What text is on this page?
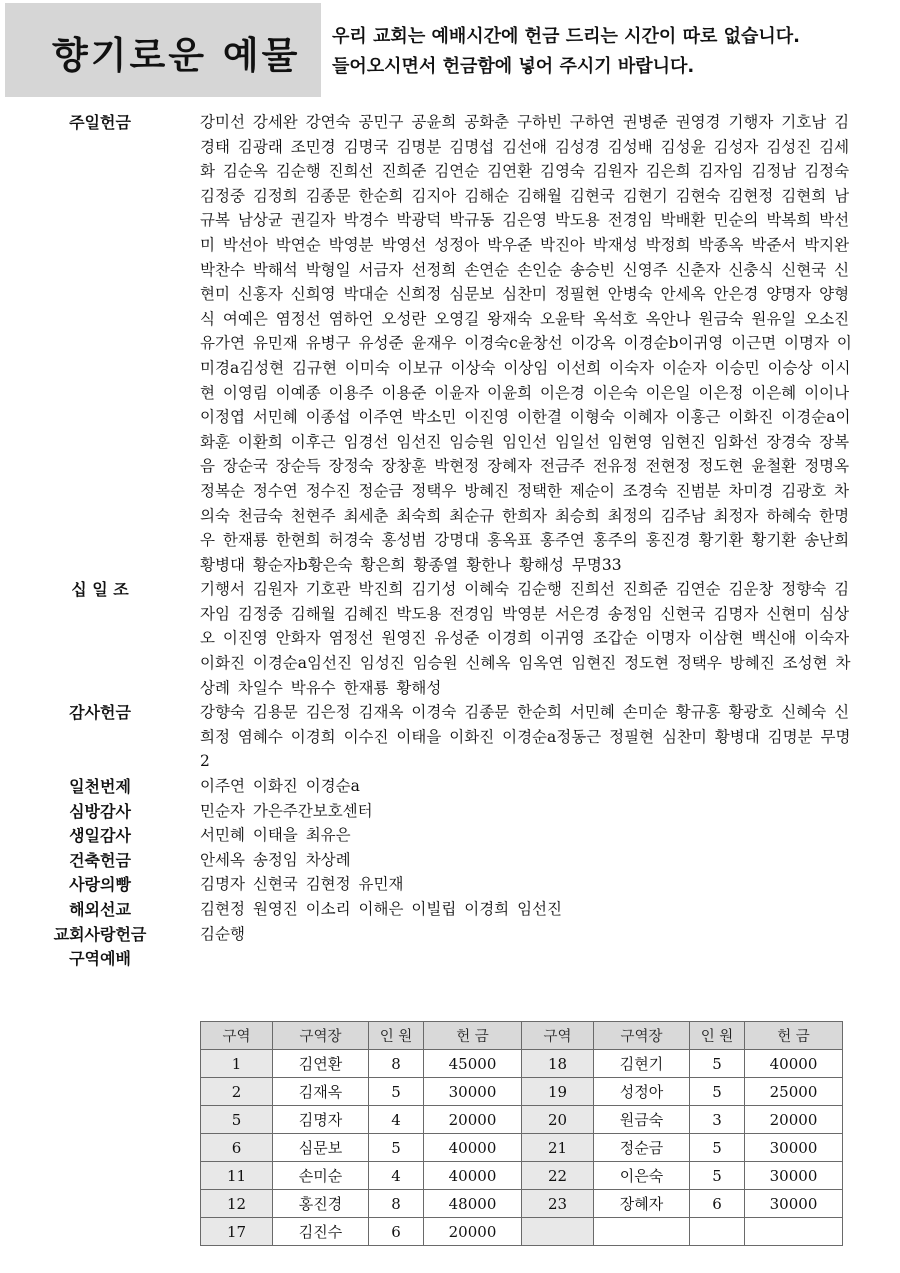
향기로운 예물 우리 교회는 예배시간에 헌금 드리는 시간이 따로 없습니다.
들어오시면서 헌금함에 넣어 주시기 바랍니다.
주일헌금	강미선 강세완 강연숙 공민구 공윤희 공화춘 구하빈 구하연 권병준 권영경 기행자 기호남 김경태 김광래 조민경 김명국 김명분 김명섭 김선애 김성경 김성배 김성윤 김성자 김성진 김세화 김순옥 김순행 진희선 진희준 김연순 김연환 김영숙 김원자 김은희 김자임 김정남 김정숙 김정중 김정희 김종문 한순희 김지아 김해순 김해월 김현국 김현기 김현숙 김현정 김현희 남규복 남상균 권길자 박경수 박광덕 박규동 김은영 박도용 전경임 박배환 민순의 박복희 박선미 박선아 박연순 박영분 박영선 성정아 박우준 박진아 박재성 박정희 박종옥 박준서 박지완 박찬수 박해석 박형일 서금자 선정희 손연순 손인순 송승빈 신영주 신춘자 신충식 신현국 신현미 신홍자 신희영 박대순 신희정 심문보 심찬미 정필현 안병숙 안세옥 안은경 양명자 양형식 여예은 염정선 염하언 오성란 오영길 왕재숙 오윤탁 옥석호 옥안나 원금숙 원유일 오소진 유가연 유민재 유병구 유성준 윤재우 이경숙c윤창선 이강옥 이경순b이귀영 이근면 이명자 이미경a김성현 김규현 이미숙 이보규 이상숙 이상임 이선희 이숙자 이순자 이승민 이승상 이시현 이영림 이예종 이용주 이용준 이윤자 이윤희 이은경 이은숙 이은일 이은정 이은혜 이이나 이정엽 서민혜 이종섭 이주연 박소민 이진영 이한결 이형숙 이혜자 이홍근 이화진 이경순a이화훈 이환희 이후근 임경선 임선진 임승원 임인선 임일선 임현영 임현진 임화선 장경숙 장복음 장순국 장순득 장정숙 장창훈 박현정 장혜자 전금주 전유정 전현정 정도현 윤철환 정명옥 정복순 정수연 정수진 정순금 정택우 방혜진 정택한 제순이 조경숙 진범분 차미경 김광호 차의숙 천금숙 천현주 최세춘 최숙희 최순규 한희자 최승희 최정의 김주남 최정자 하혜숙 한명우 한재룡 한현희 허경숙 홍성범 강명대 홍옥표 홍주연 홍주의 홍진경 황기환 황기환 송난희 황병대 황순자b황은숙 황은희 황종열 황한나 황해성 무명33
십 일 조	기행서 김원자 기호관 박진희 김기성 이혜숙 김순행 진희선 진희준 김연순 김운창 정향숙 김자임 김정중 김해월 김혜진 박도용 전경임 박영분 서은경 송정임 신현국 김명자 신현미 심상오 이진영 안화자 염정선 원영진 유성준 이경희 이귀영 조갑순 이명자 이삼현 백신애 이숙자 이화진 이경순a임선진 임성진 임승원 신혜옥 임옥연 임현진 정도현 정택우 방혜진 조성현 차상례 차일수 박유수 한재룡 황해성
감사헌금	강향숙 김용문 김은정 김재옥 이경숙 김종문 한순희 서민혜 손미순 황규홍 황광호 신혜숙 신희정 염혜수 이경희 이수진 이태을 이화진 이경순a정동근 정필현 심찬미 황병대 김명분 무명2
일천번제	이주연 이화진 이경순a
심방감사	민순자 가은주간보호센터
생일감사	서민혜 이태을 최유은
건축헌금	안세옥 송정임 차상례
사랑의빵	김명자 신현국 김현정 유민재
해외선교	김현정 원영진 이소리 이해은 이빌립 이경희 임선진
교회사랑헌금	김순행
구역예배
구역	구역장	인 원	헌 금	구역	구역장	인 원	헌 금
1	김연환	8	45000	18	김현기	5	40000
2	김재옥	5	30000	19	성정아	5	25000
5	김명자	4	20000	20	원금숙	3	20000
6	심문보	5	40000	21	정순금	5	30000
11	손미순	4	40000	22	이은숙	5	30000
12	홍진경	8	48000	23	장혜자	6	30000
17	김진수	6	20000				
